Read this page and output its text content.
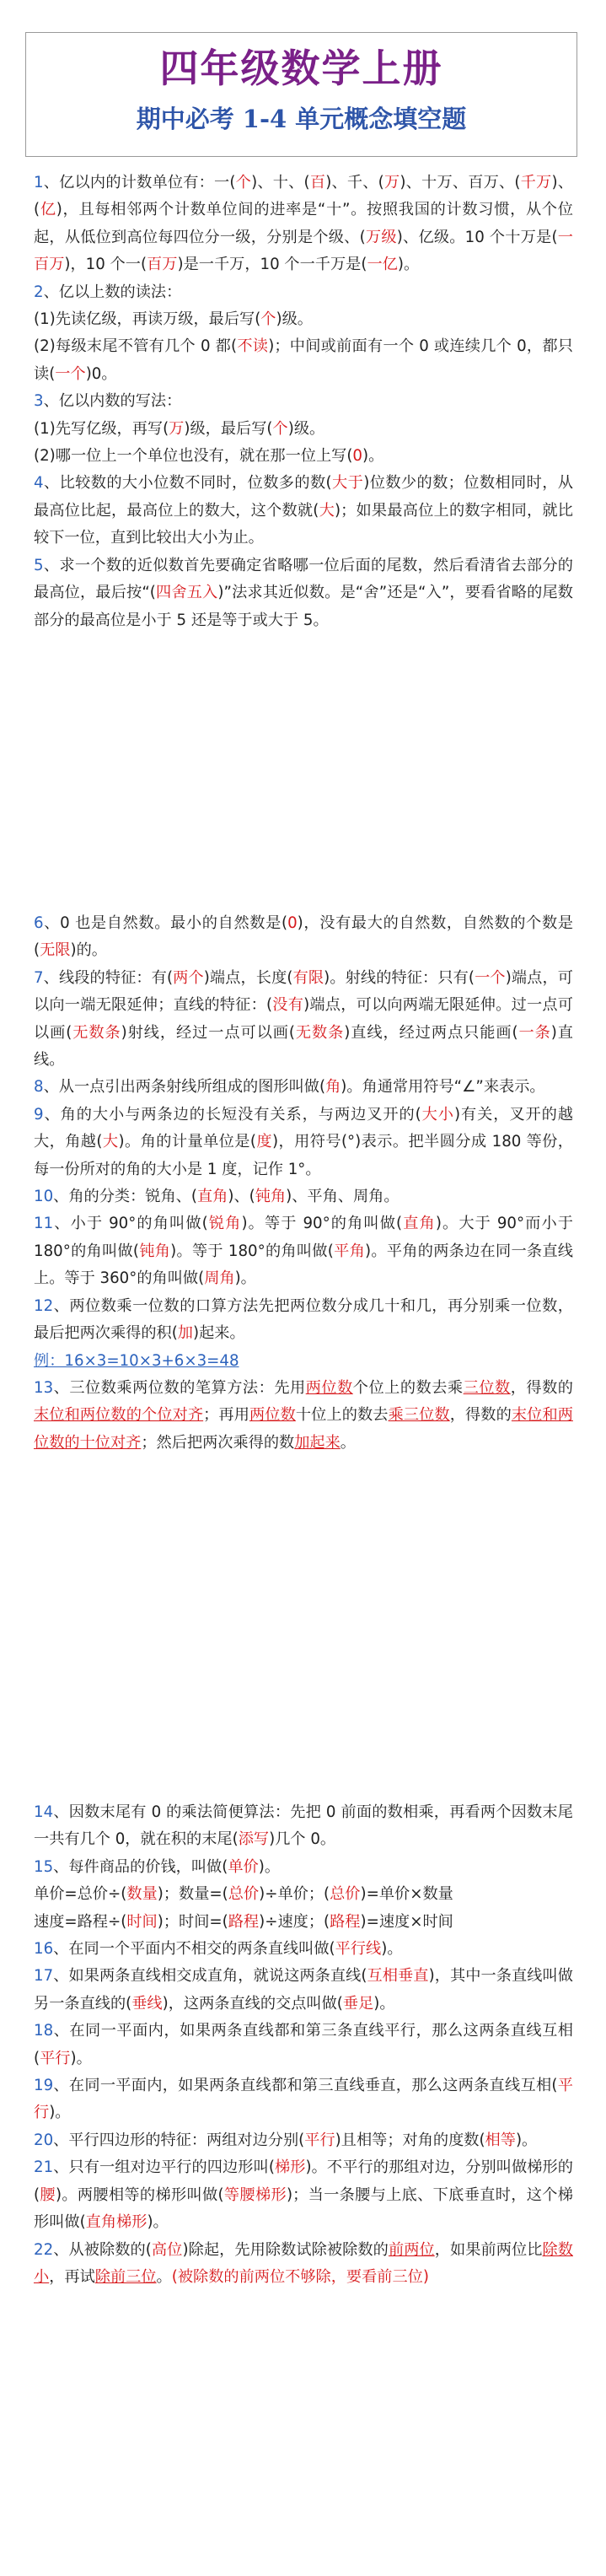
四年级数学上册
期中必考 1-4 单元概念填空题

1、亿以内的计数单位有：一(个)、十、(百)、千、(万)、十万、百万、(千万)、(亿)，且每相邻两个计数单位间的进率是“十”。按照我国的计数习惯，从个位起，从低位到高位每四位分一级，分别是个级、(万级)、亿级。10 个十万是(一百万)，10 个一(百万)是一千万，10 个一千万是(一亿)。

2、亿以上数的读法：

(1)先读亿级，再读万级，最后写(个)级。

(2)每级末尾不管有几个 0 都(不读)；中间或前面有一个 0 或连续几个 0，都只读(一个)0。

3、亿以内数的写法：

(1)先写亿级，再写(万)级，最后写(个)级。

(2)哪一位上一个单位也没有，就在那一位上写(0)。

4、比较数的大小位数不同时，位数多的数(大于)位数少的数；位数相同时，从最高位比起，最高位上的数大，这个数就(大)；如果最高位上的数字相同，就比较下一位，直到比较出大小为止。

5、求一个数的近似数首先要确定省略哪一位后面的尾数，然后看清省去部分的最高位，最后按“(四舍五入)”法求其近似数。是“舍”还是“入”，要看省略的尾数部分的最高位是小于 5 还是等于或大于 5。

6、0 也是自然数。最小的自然数是(0)，没有最大的自然数，自然数的个数是(无限)的。

7、线段的特征：有(两个)端点，长度(有限)。射线的特征：只有(一个)端点，可以向一端无限延伸；直线的特征：(没有)端点，可以向两端无限延伸。过一点可以画(无数条)射线，经过一点可以画(无数条)直线，经过两点只能画(一条)直线。

8、从一点引出两条射线所组成的图形叫做(角)。角通常用符号“∠”来表示。

9、角的大小与两条边的长短没有关系，与两边叉开的(大小)有关，叉开的越大，角越(大)。角的计量单位是(度)，用符号(°)表示。把半圆分成 180 等份，每一份所对的角的大小是 1 度，记作 1°。

10、角的分类：锐角、(直角)、(钝角)、平角、周角。

11、小于 90°的角叫做(锐角)。等于 90°的角叫做(直角)。大于 90°而小于 180°的角叫做(钝角)。等于 180°的角叫做(平角)。平角的两条边在同一条直线上。等于 360°的角叫做(周角)。

12、两位数乘一位数的口算方法先把两位数分成几十和几，再分别乘一位数，最后把两次乘得的积(加)起来。

例：16×3=10×3+6×3=48

13、三位数乘两位数的笔算方法：先用两位数个位上的数去乘三位数，得数的末位和两位数的个位对齐；再用两位数十位上的数去乘三位数，得数的末位和两位数的十位对齐；然后把两次乘得的数加起来。

14、因数末尾有 0 的乘法简便算法：先把 0 前面的数相乘，再看两个因数末尾一共有几个 0，就在积的末尾(添写)几个 0。

15、每件商品的价钱，叫做(单价)。

单价=总价÷(数量)；数量=(总价)÷单价；(总价)=单价×数量

速度=路程÷(时间)；时间=(路程)÷速度；(路程)=速度×时间

16、在同一个平面内不相交的两条直线叫做(平行线)。

17、如果两条直线相交成直角，就说这两条直线(互相垂直)，其中一条直线叫做另一条直线的(垂线)，这两条直线的交点叫做(垂足)。

18、在同一平面内，如果两条直线都和第三条直线平行，那么这两条直线互相(平行)。

19、在同一平面内，如果两条直线都和第三直线垂直，那么这两条直线互相(平行)。

20、平行四边形的特征：两组对边分别(平行)且相等；对角的度数(相等)。

21、只有一组对边平行的四边形叫(梯形)。不平行的那组对边，分别叫做梯形的(腰)。两腰相等的梯形叫做(等腰梯形)；当一条腰与上底、下底垂直时，这个梯形叫做(直角梯形)。

22、从被除数的(高位)除起，先用除数试除被除数的前两位，如果前两位比除数小，再试除前三位。(被除数的前两位不够除，要看前三位)
